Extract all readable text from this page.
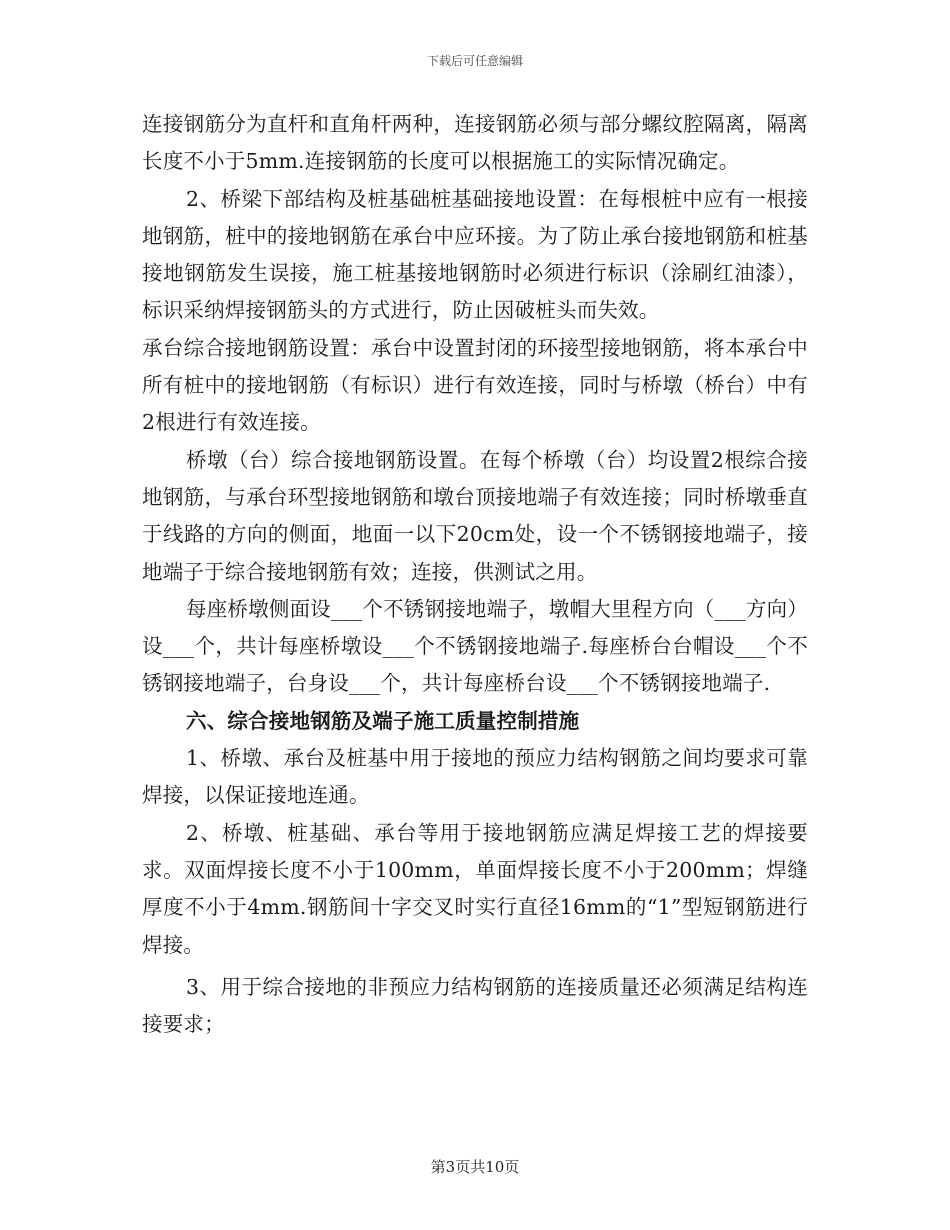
下载后可任意编辑

连接钢筋分为直杆和直角杆两种，连接钢筋必须与部分螺纹腔隔离，隔离长度不小于5mm.连接钢筋的长度可以根据施工的实际情况确定。

2、桥梁下部结构及桩基础桩基础接地设置：在每根桩中应有一根接地钢筋，桩中的接地钢筋在承台中应环接。为了防止承台接地钢筋和桩基接地钢筋发生误接，施工桩基接地钢筋时必须进行标识（涂刷红油漆），标识采纳焊接钢筋头的方式进行，防止因破桩头而失效。

承台综合接地钢筋设置：承台中设置封闭的环接型接地钢筋，将本承台中所有桩中的接地钢筋（有标识）进行有效连接，同时与桥墩（桥台）中有2根进行有效连接。

桥墩（台）综合接地钢筋设置。在每个桥墩（台）均设置2根综合接地钢筋，与承台环型接地钢筋和墩台顶接地端子有效连接；同时桥墩垂直于线路的方向的侧面，地面一以下20cm处，设一个不锈钢接地端子，接地端子于综合接地钢筋有效；连接，供测试之用。

每座桥墩侧面设___个不锈钢接地端子，墩帽大里程方向（___方向）设___个，共计每座桥墩设___个不锈钢接地端子.每座桥台台帽设___个不锈钢接地端子，台身设___个，共计每座桥台设___个不锈钢接地端子.

六、综合接地钢筋及端子施工质量控制措施

1、桥墩、承台及桩基中用于接地的预应力结构钢筋之间均要求可靠焊接，以保证接地连通。

2、桥墩、桩基础、承台等用于接地钢筋应满足焊接工艺的焊接要求。双面焊接长度不小于100mm，单面焊接长度不小于200mm；焊缝厚度不小于4mm.钢筋间十字交叉时实行直径16mm的“1”型短钢筋进行焊接。

3、用于综合接地的非预应力结构钢筋的连接质量还必须满足结构连接要求；

第3页共10页
